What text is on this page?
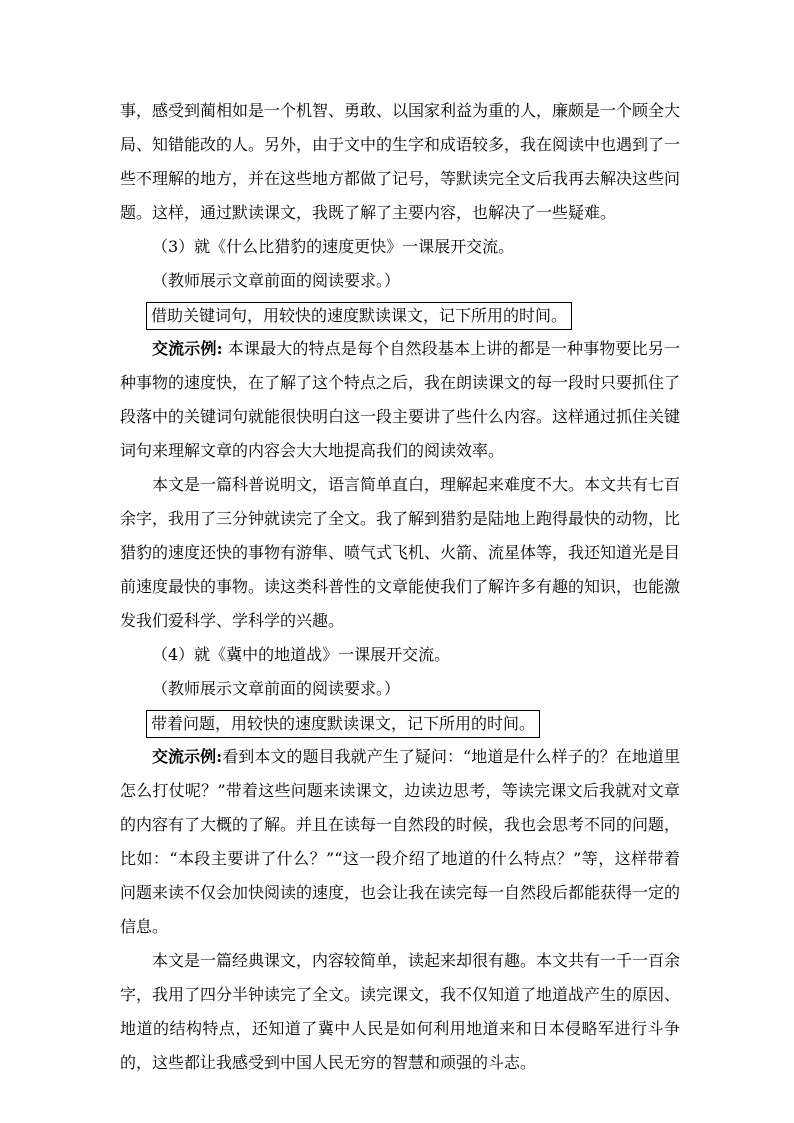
事，感受到蔺相如是一个机智、勇敢、以国家利益为重的人，廉颇是一个顾全大局、知错能改的人。另外，由于文中的生字和成语较多，我在阅读中也遇到了一些不理解的地方，并在这些地方都做了记号，等默读完全文后我再去解决这些问题。这样，通过默读课文，我既了解了主要内容，也解决了一些疑难。

（3）就《什么比猎豹的速度更快》一课展开交流。

（教师展示文章前面的阅读要求。）

借助关键词句，用较快的速度默读课文，记下所用的时间。

交流示例: 本课最大的特点是每个自然段基本上讲的都是一种事物要比另一种事物的速度快，在了解了这个特点之后，我在朗读课文的每一段时只要抓住了段落中的关键词句就能很快明白这一段主要讲了些什么内容。这样通过抓住关键词句来理解文章的内容会大大地提高我们的阅读效率。

本文是一篇科普说明文，语言简单直白，理解起来难度不大。本文共有七百余字，我用了三分钟就读完了全文。我了解到猎豹是陆地上跑得最快的动物，比猎豹的速度还快的事物有游隼、喷气式飞机、火箭、流星体等，我还知道光是目前速度最快的事物。读这类科普性的文章能使我们了解许多有趣的知识，也能激发我们爱科学、学科学的兴趣。

（4）就《冀中的地道战》一课展开交流。

（教师展示文章前面的阅读要求。）

带着问题，用较快的速度默读课文，记下所用的时间。

交流示例:看到本文的题目我就产生了疑问：“地道是什么样子的？在地道里怎么打仗呢？”带着这些问题来读课文，边读边思考，等读完课文后我就对文章的内容有了大概的了解。并且在读每一自然段的时候，我也会思考不同的问题，比如：“本段主要讲了什么？”“这一段介绍了地道的什么特点？”等，这样带着问题来读不仅会加快阅读的速度，也会让我在读完每一自然段后都能获得一定的信息。

本文是一篇经典课文，内容较简单，读起来却很有趣。本文共有一千一百余字，我用了四分半钟读完了全文。读完课文，我不仅知道了地道战产生的原因、地道的结构特点，还知道了冀中人民是如何利用地道来和日本侵略军进行斗争的，这些都让我感受到中国人民无穷的智慧和顽强的斗志。
